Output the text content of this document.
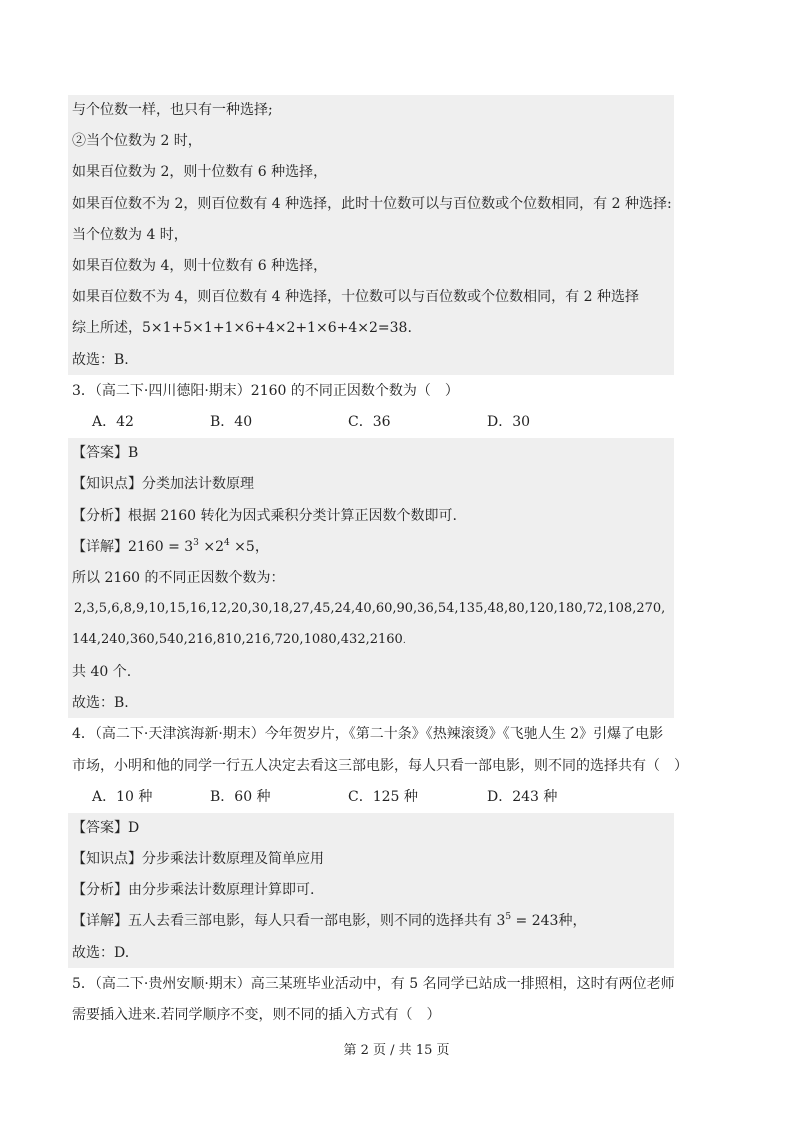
与个位数一样，也只有一种选择;
②当个位数为 2 时，
如果百位数为 2，则十位数有 6 种选择，
如果百位数不为 2，则百位数有 4 种选择，此时十位数可以与百位数或个位数相同，有 2 种选择:
当个位数为 4 时，
如果百位数为 4，则十位数有 6 种选择，
如果百位数不为 4，则百位数有 4 种选择，十位数可以与百位数或个位数相同，有 2 种选择
综上所述，5×1+5×1+1×6+4×2+1×6+4×2=38.
故选：B.
3．（高二下·四川德阳·期末）2160 的不同正因数个数为（　）
A．42	B．40	C．36	D．30
【答案】B
【知识点】分类加法计数原理
【分析】根据 2160 转化为因式乘积分类计算正因数个数即可.
【详解】$2160 = 3^3 \times 2^4 \times 5$，
所以 2160 的不同正因数个数为：
2,3,5,6,8,9,10,15,16,12,20,30,18,27,45,24,40,60,90,36,54,135,48,80,120,180,72,108,270,
144,240,360,540,216,810,216,720,1080,432,2160.
共 40 个.
故选：B.
4．（高二下·天津滨海新·期末）今年贺岁片，《第二十条》《热辣滚烫》《飞驰人生 2》引爆了电影
市场，小明和他的同学一行五人决定去看这三部电影，每人只看一部电影，则不同的选择共有（　）
A．10 种	B．60 种	C．125 种	D．243 种
【答案】D
【知识点】分步乘法计数原理及简单应用
【分析】由分步乘法计数原理计算即可.
【详解】五人去看三部电影，每人只看一部电影，则不同的选择共有 $3^5 = 243$种，
故选：D.
5．（高二下·贵州安顺·期末）高三某班毕业活动中，有 5 名同学已站成一排照相，这时有两位老师
需要插入进来.若同学顺序不变，则不同的插入方式有（　）
第 2 页 / 共 15 页
